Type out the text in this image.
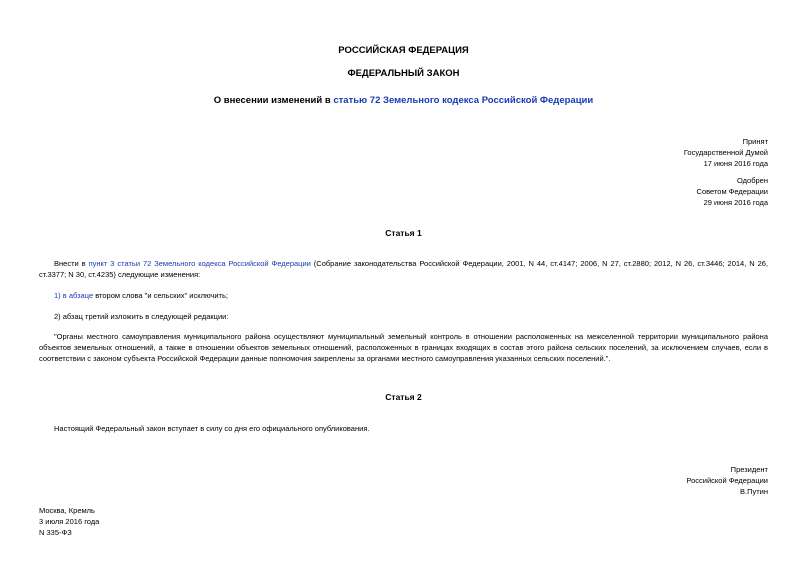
РОССИЙСКАЯ ФЕДЕРАЦИЯ
ФЕДЕРАЛЬНЫЙ ЗАКОН
О внесении изменений в статью 72 Земельного кодекса Российской Федерации
Принят
Государственной Думой
17 июня 2016 года
Одобрен
Советом Федерации
29 июня 2016 года
Статья 1
Внести в пункт 3 статьи 72 Земельного кодекса Российской Федерации (Собрание законодательства Российской Федерации, 2001, N 44, ст.4147; 2006, N 27, ст.2880; 2012, N 26, ст.3446; 2014, N 26, ст.3377; N 30, ст.4235) следующие изменения:
1) в абзаце втором слова "и сельских" исключить;
2) абзац третий изложить в следующей редакции:
"Органы местного самоуправления муниципального района осуществляют муниципальный земельный контроль в отношении расположенных на межселенной территории муниципального района объектов земельных отношений, а также в отношении объектов земельных отношений, расположенных в границах входящих в состав этого района сельских поселений, за исключением случаев, если в соответствии с законом субъекта Российской Федерации данные полномочия закреплены за органами местного самоуправления указанных сельских поселений.".
Статья 2
Настоящий Федеральный закон вступает в силу со дня его официального опубликования.
Президент
Российской Федерации
В.Путин
Москва, Кремль
3 июля 2016 года
N 335-ФЗ
